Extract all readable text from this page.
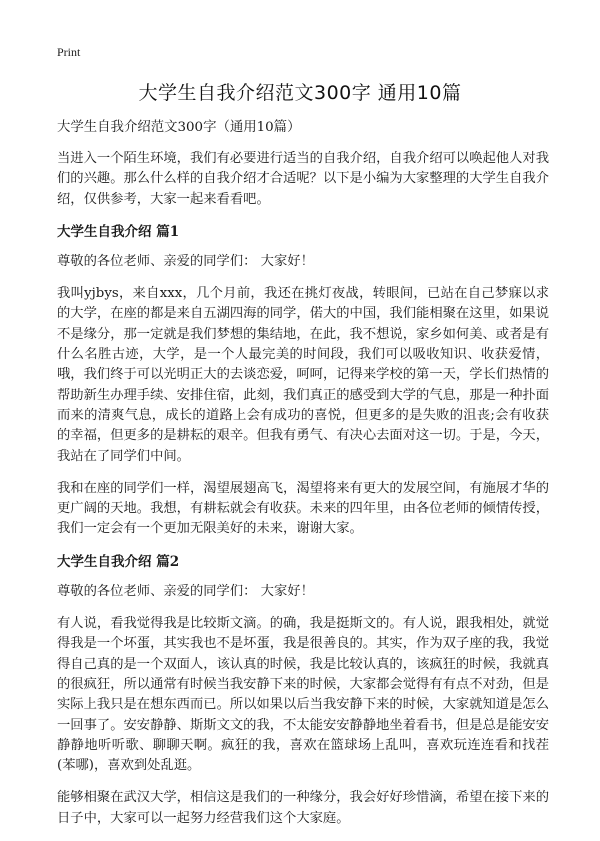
Print
大学生自我介绍范文300字 通用10篇
大学生自我介绍范文300字（通用10篇）

当进入一个陌生环境，我们有必要进行适当的自我介绍，自我介绍可以唤起他人对我们的兴趣。那么什么样的自我介绍才合适呢？以下是小编为大家整理的大学生自我介绍，仅供参考，大家一起来看看吧。

大学生自我介绍 篇1

尊敬的各位老师、亲爱的同学们： 大家好！

我叫yjbys，来自xxx，几个月前，我还在挑灯夜战，转眼间，已站在自己梦寐以求的大学，在座的都是来自五湖四海的同学，偌大的中国，我们能相聚在这里，如果说不是缘分，那一定就是我们梦想的集结地，在此，我不想说，家乡如何美、或者是有什么名胜古迹，大学，是一个人最完美的时间段，我们可以吸收知识、收获爱情，哦，我们终于可以光明正大的去谈恋爱，呵呵，记得来学校的第一天，学长们热情的帮助新生办理手续、安排住宿，此刻，我们真正的感受到大学的气息，那是一种扑面而来的清爽气息，成长的道路上会有成功的喜悦，但更多的是失败的沮丧;会有收获的幸福，但更多的是耕耘的艰辛。但我有勇气、有决心去面对这一切。于是，今天，我站在了同学们中间。

我和在座的同学们一样，渴望展翅高飞，渴望将来有更大的发展空间，有施展才华的更广阔的天地。我想，有耕耘就会有收获。未来的四年里，由各位老师的倾情传授，我们一定会有一个更加无限美好的未来，谢谢大家。

大学生自我介绍 篇2

尊敬的各位老师、亲爱的同学们： 大家好！

有人说，看我觉得我是比较斯文滴。的确，我是挺斯文的。有人说，跟我相处，就觉得我是一个坏蛋，其实我也不是坏蛋，我是很善良的。其实，作为双子座的我，我觉得自己真的是一个双面人，该认真的时候，我是比较认真的，该疯狂的时候，我就真的很疯狂，所以通常有时候当我安静下来的时候，大家都会觉得有有点不对劲，但是实际上我只是在想东西而已。所以如果以后当我安静下来的时候，大家就知道是怎么一回事了。安安静静、斯斯文文的我，不太能安安静静地坐着看书，但是总是能安安静静地听听歌、聊聊天啊。疯狂的我，喜欢在篮球场上乱叫，喜欢玩连连看和找茬(苯哪)，喜欢到处乱逛。

能够相聚在武汉大学，相信这是我们的一种缘分，我会好好珍惜滴，希望在接下来的日子中，大家可以一起努力经营我们这个大家庭。
